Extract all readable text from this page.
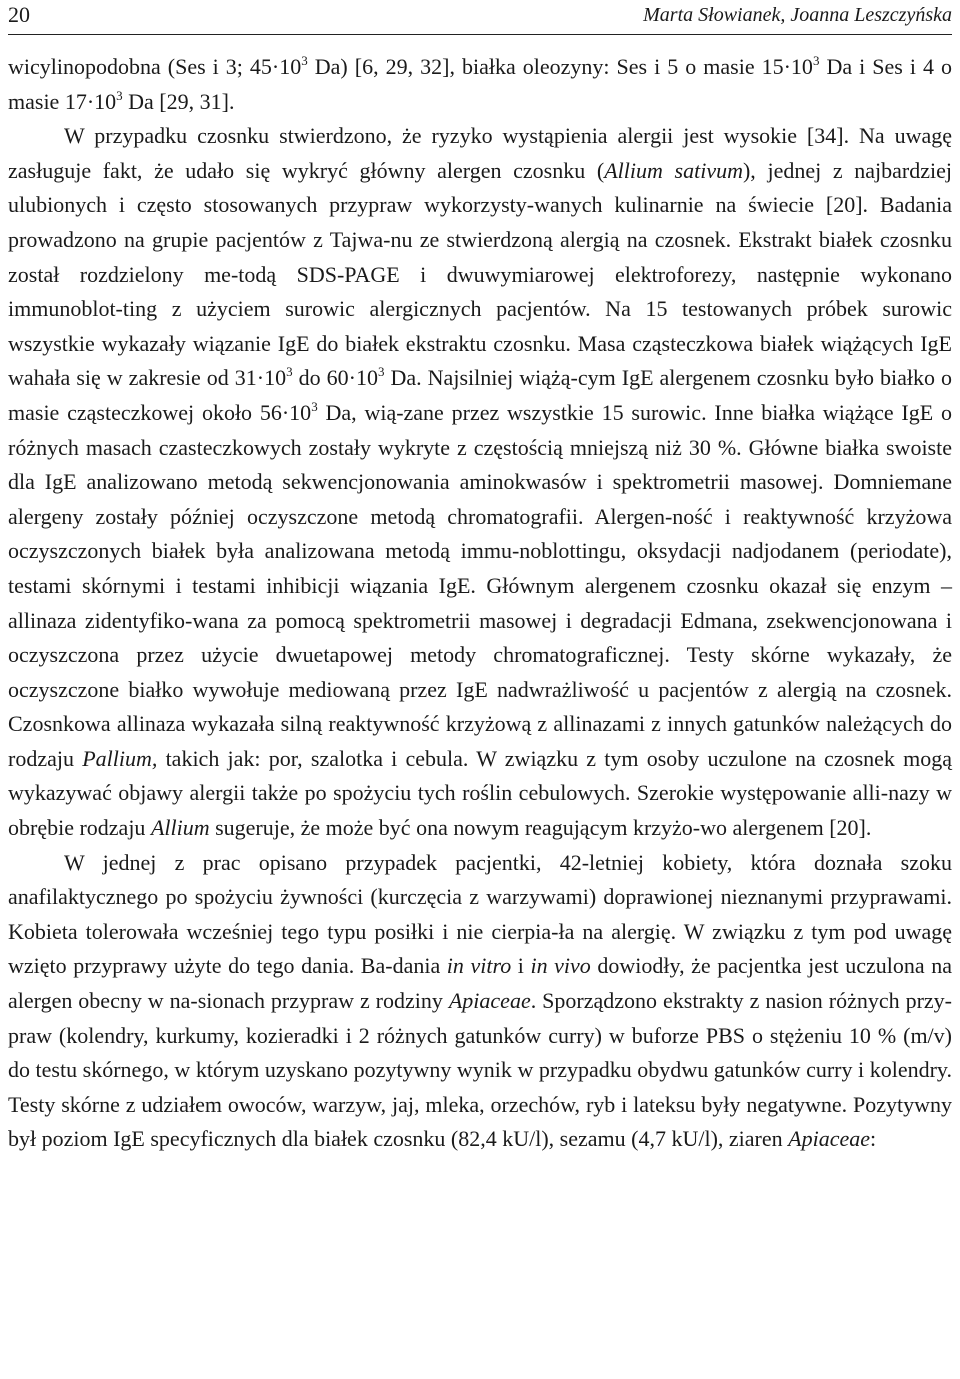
20	Marta Słowianek, Joanna Leszczyńska

wicylinopodobna (Ses i 3; $45\cdot 10^3$ Da) [6, 29, 32], białka oleozyny: Ses i 5 o masie $15\cdot 10^3$ Da i Ses i 4 o masie $17\cdot 10^3$ Da [29, 31].

W przypadku czosnku stwierdzono, że ryzyko wystąpienia alergii jest wysokie [34]. Na uwagę zasługuje fakt, że udało się wykryć główny alergen czosnku (Allium sativum), jednej z najbardziej ulubionych i często stosowanych przypraw wykorzysty-wanych kulinarnie na świecie [20]. Badania prowadzono na grupie pacjentów z Tajwa-nu ze stwierdzoną alergią na czosnek. Ekstrakt białek czosnku został rozdzielony me-todą SDS-PAGE i dwuwymiarowej elektroforezy, następnie wykonano immunoblot-ting z użyciem surowic alergicznych pacjentów. Na 15 testowanych próbek surowic wszystkie wykazały wiązanie IgE do białek ekstraktu czosnku. Masa cząsteczkowa białek wiążących IgE wahała się w zakresie od $31\cdot 10^3$ do $60\cdot 10^3$ Da. Najsilniej wiążą-cym IgE alergenem czosnku było białko o masie cząsteczkowej około $56\cdot 10^3$ Da, wią-zane przez wszystkie 15 surowic. Inne białka wiążące IgE o różnych masach czasteczkowych zostały wykryte z częstością mniejszą niż 30 %. Główne białka swoiste dla IgE analizowano metodą sekwencjonowania aminokwasów i spektrometrii masowej. Domniemane alergeny zostały później oczyszczone metodą chromatografii. Alergen-ność i reaktywność krzyżowa oczyszczonych białek była analizowana metodą immu-noblottingu, oksydacji nadjodanem (periodate), testami skórnymi i testami inhibicji wiązania IgE. Głównym alergenem czosnku okazał się enzym – allinaza zidentyfiko-wana za pomocą spektrometrii masowej i degradacji Edmana, zsekwencjonowana i oczyszczona przez użycie dwuetapowej metody chromatograficznej. Testy skórne wykazały, że oczyszczone białko wywołuje mediowaną przez IgE nadwrażliwość u pacjentów z alergią na czosnek. Czosnkowa allinaza wykazała silną reaktywność krzyżową z allinazami z innych gatunków należących do rodzaju Pallium, takich jak: por, szalotka i cebula. W związku z tym osoby uczulone na czosnek mogą wykazywać objawy alergii także po spożyciu tych roślin cebulowych. Szerokie występowanie alli-nazy w obrębie rodzaju Allium sugeruje, że może być ona nowym reagującym krzyżo-wo alergenem [20].

W jednej z prac opisano przypadek pacjentki, 42-letniej kobiety, która doznała szoku anafilaktycznego po spożyciu żywności (kurczęcia z warzywami) doprawionej nieznanymi przyprawami. Kobieta tolerowała wcześniej tego typu posiłki i nie cierpia-ła na alergię. W związku z tym pod uwagę wzięto przyprawy użyte do tego dania. Ba-dania in vitro i in vivo dowiodły, że pacjentka jest uczulona na alergen obecny w na-sionach przypraw z rodziny Apiaceae. Sporządzono ekstrakty z nasion różnych przy-praw (kolendry, kurkumy, kozieradki i 2 różnych gatunków curry) w buforze PBS o stężeniu 10 % (m/v) do testu skórnego, w którym uzyskano pozytywny wynik w przypadku obydwu gatunków curry i kolendry. Testy skórne z udziałem owoców, warzyw, jaj, mleka, orzechów, ryb i lateksu były negatywne. Pozytywny był poziom IgE specyficznych dla białek czosnku (82,4 kU/l), sezamu (4,7 kU/l), ziaren Apiaceae:
